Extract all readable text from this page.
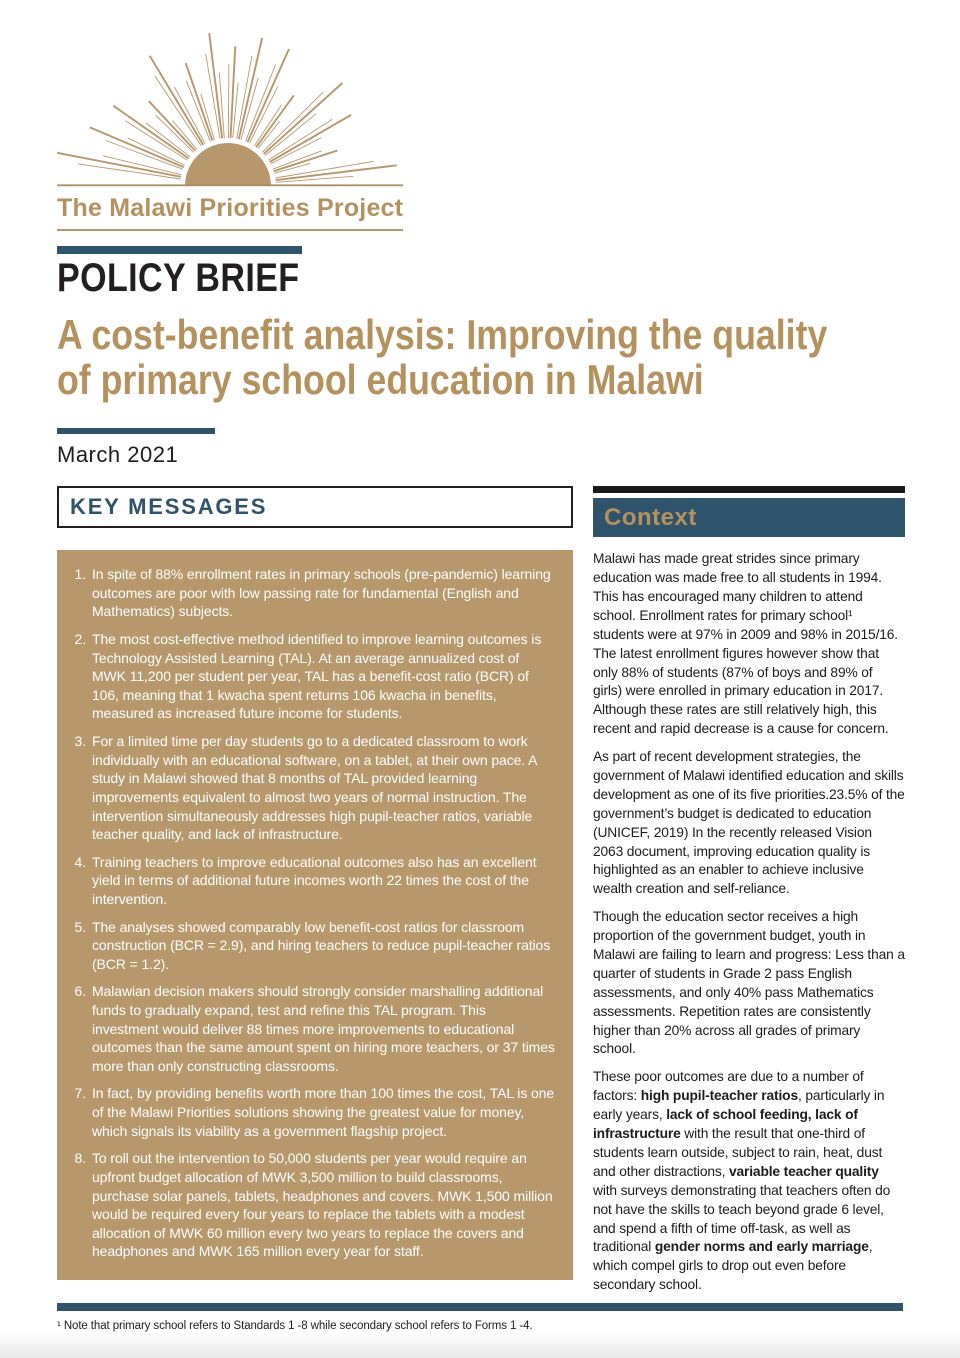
The Malawi Priorities Project
POLICY BRIEF
A cost-benefit analysis: Improving the quality
of primary school education in Malawi
March 2021
KEY MESSAGES
1. In spite of 88% enrollment rates in primary schools (pre-pandemic) learning outcomes are poor with low passing rate for fundamental (English and Mathematics) subjects.
2. The most cost-effective method identified to improve learning outcomes is Technology Assisted Learning (TAL). At an average annualized cost of MWK 11,200 per student per year, TAL has a benefit-cost ratio (BCR) of 106, meaning that 1 kwacha spent returns 106 kwacha in benefits, measured as increased future income for students.
3. For a limited time per day students go to a dedicated classroom to work individually with an educational software, on a tablet, at their own pace. A study in Malawi showed that 8 months of TAL provided learning improvements equivalent to almost two years of normal instruction. The intervention simultaneously addresses high pupil-teacher ratios, variable teacher quality, and lack of infrastructure.
4. Training teachers to improve educational outcomes also has an excellent yield in terms of additional future incomes worth 22 times the cost of the intervention.
5. The analyses showed comparably low benefit-cost ratios for classroom construction (BCR = 2.9), and hiring teachers to reduce pupil-teacher ratios (BCR = 1.2).
6. Malawian decision makers should strongly consider marshalling additional funds to gradually expand, test and refine this TAL program. This investment would deliver 88 times more improvements to educational outcomes than the same amount spent on hiring more teachers, or 37 times more than only constructing classrooms.
7. In fact, by providing benefits worth more than 100 times the cost, TAL is one of the Malawi Priorities solutions showing the greatest value for money, which signals its viability as a government flagship project.
8. To roll out the intervention to 50,000 students per year would require an upfront budget allocation of MWK 3,500 million to build classrooms, purchase solar panels, tablets, headphones and covers. MWK 1,500 million would be required every four years to replace the tablets with a modest allocation of MWK 60 million every two years to replace the covers and headphones and MWK 165 million every year for staff.
Context

Malawi has made great strides since primary education was made free to all students in 1994. This has encouraged many children to attend school. Enrollment rates for primary school¹ students were at 97% in 2009 and 98% in 2015/16. The latest enrollment figures however show that only 88% of students (87% of boys and 89% of girls) were enrolled in primary education in 2017. Although these rates are still relatively high, this recent and rapid decrease is a cause for concern.

As part of recent development strategies, the government of Malawi identified education and skills development as one of its five priorities.23.5% of the government’s budget is dedicated to education (UNICEF, 2019) In the recently released Vision 2063 document, improving education quality is highlighted as an enabler to achieve inclusive wealth creation and self-reliance.

Though the education sector receives a high proportion of the government budget, youth in Malawi are failing to learn and progress: Less than a quarter of students in Grade 2 pass English assessments, and only 40% pass Mathematics assessments. Repetition rates are consistently higher than 20% across all grades of primary school.

These poor outcomes are due to a number of factors: high pupil-teacher ratios, particularly in early years, lack of school feeding, lack of infrastructure with the result that one-third of students learn outside, subject to rain, heat, dust and other distractions, variable teacher quality with surveys demonstrating that teachers often do not have the skills to teach beyond grade 6 level, and spend a fifth of time off-task, as well as traditional gender norms and early marriage, which compel girls to drop out even before secondary school.

¹ Note that primary school refers to Standards 1 -8 while secondary school refers to Forms 1 -4.
